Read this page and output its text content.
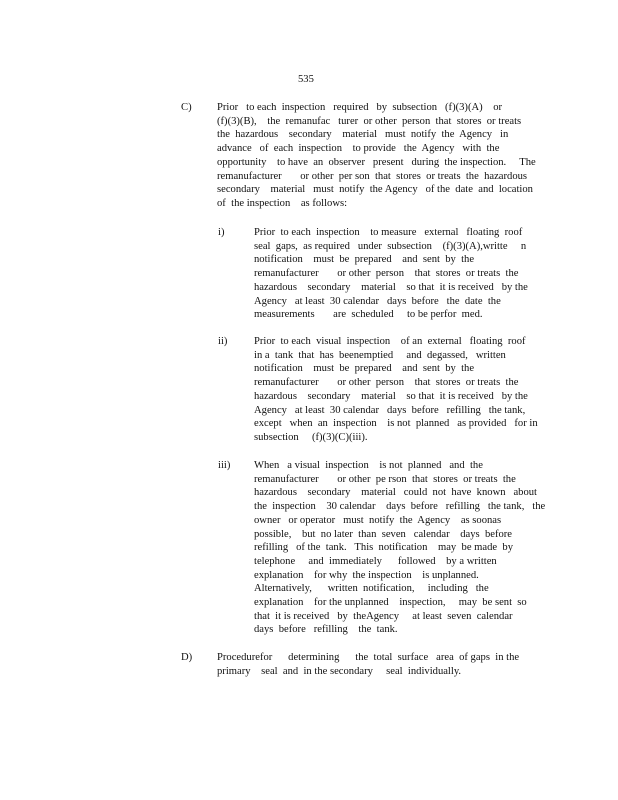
535
C) Prior   to each  inspection   required   by  subsection   (f)(3)(A)    or
(f)(3)(B),    the  remanufac   turer  or other  person  that  stores  or treats
the  hazardous    secondary    material   must  notify  the  Agency   in
advance   of  each  inspection    to provide   the  Agency   with  the
opportunity    to have  an  observer   present   during  the inspection.     The
remanufacturer       or other  per son  that  stores  or treats  the  hazardous
secondary    material   must  notify  the Agency   of the  date  and  location
of  the inspection    as follows:
i)	Prior  to each  inspection    to measure   external   floating  roof
seal  gaps,  as required   under  subsection    (f)(3)(A),writte     n
notification    must  be  prepared    and  sent  by  the
remanufacturer       or other  person    that  stores  or treats  the
hazardous    secondary    material    so that  it is received   by the
Agency   at least  30 calendar   days  before   the  date  the
measurements       are  scheduled     to be perfor  med.
ii)	Prior  to each  visual  inspection    of an  external   floating  roof
in a  tank  that  has  beenemptied     and  degassed,   written
notification    must  be  prepared    and  sent  by  the
remanufacturer       or other  person    that  stores  or treats  the
hazardous    secondary    material    so that  it is received   by the
Agency   at least  30 calendar   days  before   refilling   the tank,
except   when  an  inspection    is not  planned   as provided   for in
subsection     (f)(3)(C)(iii).
iii) When   a visual  inspection    is not  planned   and  the
remanufacturer       or other  pe rson  that  stores  or treats  the
hazardous    secondary    material   could  not  have  known   about
the  inspection    30 calendar    days  before   refilling   the tank,   the
owner   or operator   must  notify  the  Agency    as soonas
possible,    but  no later  than  seven   calendar    days  before
refilling   of the  tank.   This  notification    may  be made  by
telephone     and  immediately      followed    by a written
explanation    for why  the inspection    is unplanned.
Alternatively,      written  notification,     including   the
explanation    for the unplanned    inspection,     may  be sent  so
that  it is received   by  theAgency     at least  seven  calendar
days  before   refilling    the  tank.
D) Procedurefor      determining      the  total  surface   area  of gaps  in the
primary    seal  and  in the secondary     seal  individually.
